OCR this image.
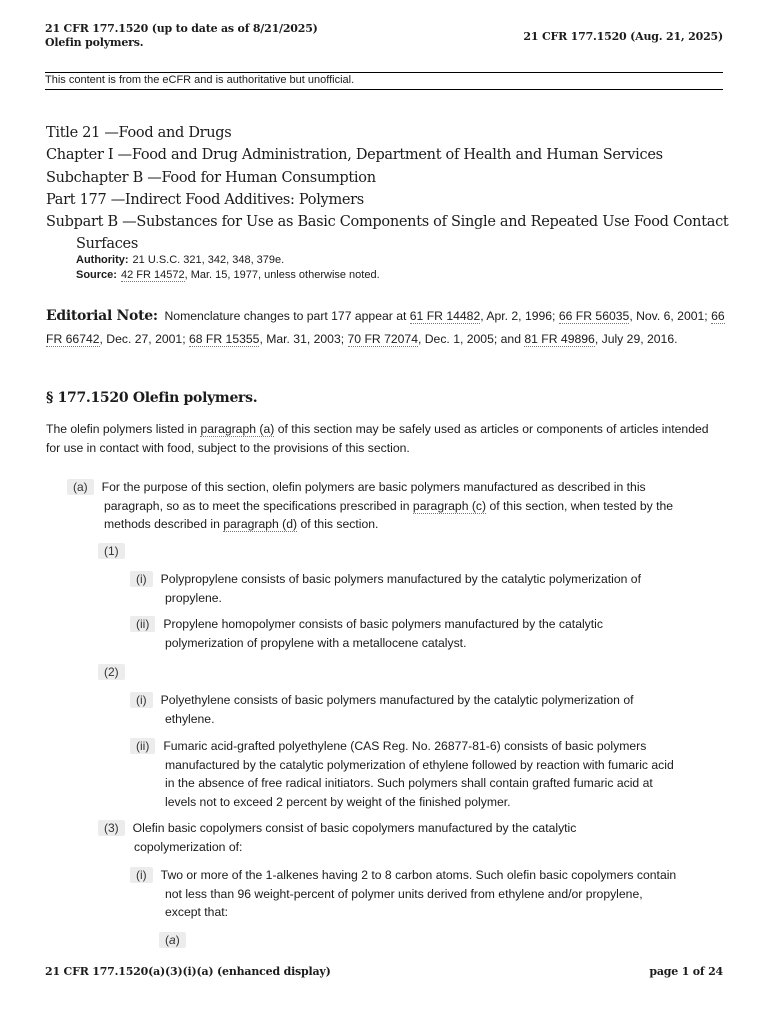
21 CFR 177.1520 (up to date as of 8/21/2025)
Olefin polymers.	21 CFR 177.1520 (Aug. 21, 2025)
This content is from the eCFR and is authoritative but unofficial.
Title 21 —Food and Drugs
Chapter I —Food and Drug Administration, Department of Health and Human Services
Subchapter B —Food for Human Consumption
Part 177 —Indirect Food Additives: Polymers
Subpart B —Substances for Use as Basic Components of Single and Repeated Use Food Contact
Surfaces
Authority: 21 U.S.C. 321, 342, 348, 379e.
Source: 42 FR 14572, Mar. 15, 1977, unless otherwise noted.
Editorial Note: Nomenclature changes to part 177 appear at 61 FR 14482, Apr. 2, 1996; 66 FR 56035, Nov. 6, 2001; 66 FR 66742, Dec. 27, 2001; 68 FR 15355, Mar. 31, 2003; 70 FR 72074, Dec. 1, 2005; and 81 FR 49896, July 29, 2016.
§ 177.1520 Olefin polymers.
The olefin polymers listed in paragraph (a) of this section may be safely used as articles or components of articles intended for use in contact with food, subject to the provisions of this section.
(a) For the purpose of this section, olefin polymers are basic polymers manufactured as described in this
paragraph, so as to meet the specifications prescribed in paragraph (c) of this section, when tested by the
methods described in paragraph (d) of this section.
(1)
(i) Polypropylene consists of basic polymers manufactured by the catalytic polymerization of
propylene.
(ii) Propylene homopolymer consists of basic polymers manufactured by the catalytic
polymerization of propylene with a metallocene catalyst.
(2)
(i) Polyethylene consists of basic polymers manufactured by the catalytic polymerization of
ethylene.
(ii) Fumaric acid-grafted polyethylene (CAS Reg. No. 26877-81-6) consists of basic polymers
manufactured by the catalytic polymerization of ethylene followed by reaction with fumaric acid
in the absence of free radical initiators. Such polymers shall contain grafted fumaric acid at
levels not to exceed 2 percent by weight of the finished polymer.
(3) Olefin basic copolymers consist of basic copolymers manufactured by the catalytic
copolymerization of:
(i) Two or more of the 1-alkenes having 2 to 8 carbon atoms. Such olefin basic copolymers contain
not less than 96 weight-percent of polymer units derived from ethylene and/or propylene,
except that:
(a)
21 CFR 177.1520(a)(3)(i)(a) (enhanced display)	page 1 of 24
